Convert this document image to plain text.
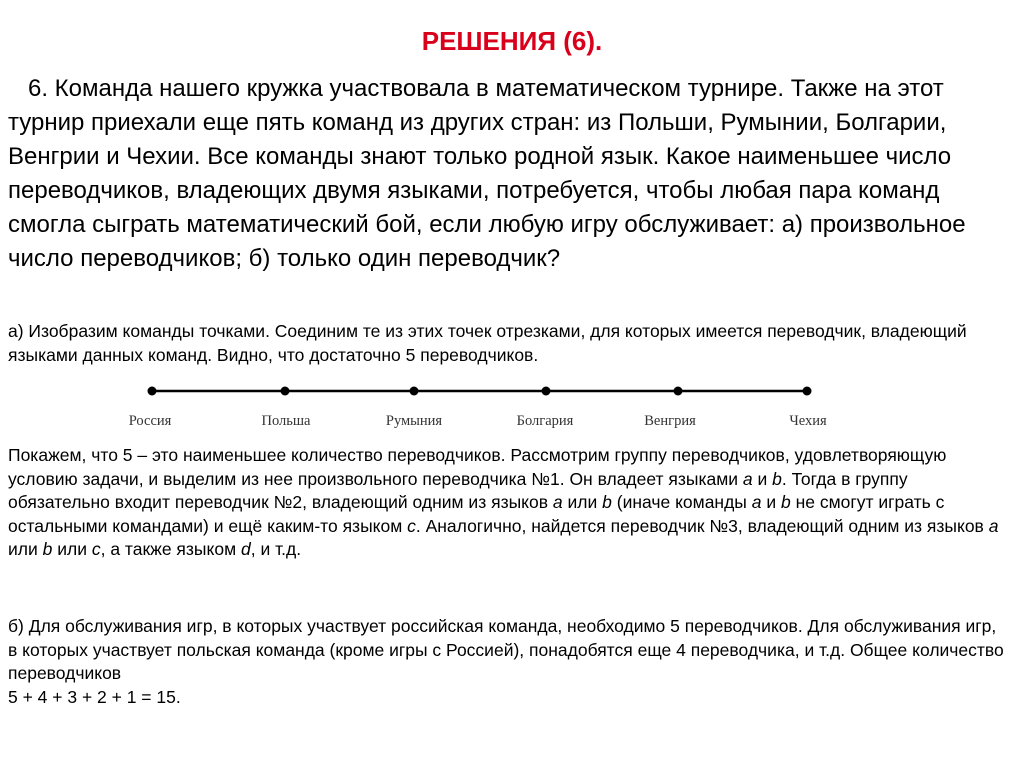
РЕШЕНИЯ (6).

6. Команда нашего кружка участвовала в математическом турнире. Также на этот турнир приехали еще пять команд из других стран: из Польши, Румынии, Болгарии, Венгрии и Чехии. Все команды знают только родной язык. Какое наименьшее число переводчиков, владеющих двумя языками, потребуется, чтобы любая пара команд смогла сыграть математический бой, если любую игру обслуживает: а) произвольное число переводчиков; б) только один переводчик?

а) Изобразим команды точками. Соединим те из этих точек отрезками, для которых имеется переводчик, владеющий языками данных команд. Видно, что достаточно 5 переводчиков.

Россия	Польша	Румыния	Болгария	Венгрия	Чехия

Покажем, что 5 – это наименьшее количество переводчиков. Рассмотрим группу переводчиков, удовлетворяющую условию задачи, и выделим из нее произвольного переводчика №1. Он владеет языками a и b. Тогда в группу обязательно входит переводчик №2, владеющий одним из языков a или b (иначе команды a и b не смогут играть с остальными командами) и ещё каким-то языком c. Аналогично, найдется переводчик №3, владеющий одним из языков a или b или c, а также языком d, и т.д.

б) Для обслуживания игр, в которых участвует российская команда, необходимо 5 переводчиков. Для обслуживания игр, в которых участвует польская команда (кроме игры с Россией), понадобятся еще 4 переводчика, и т.д. Общее количество переводчиков
5 + 4 + 3 + 2 + 1 = 15.
